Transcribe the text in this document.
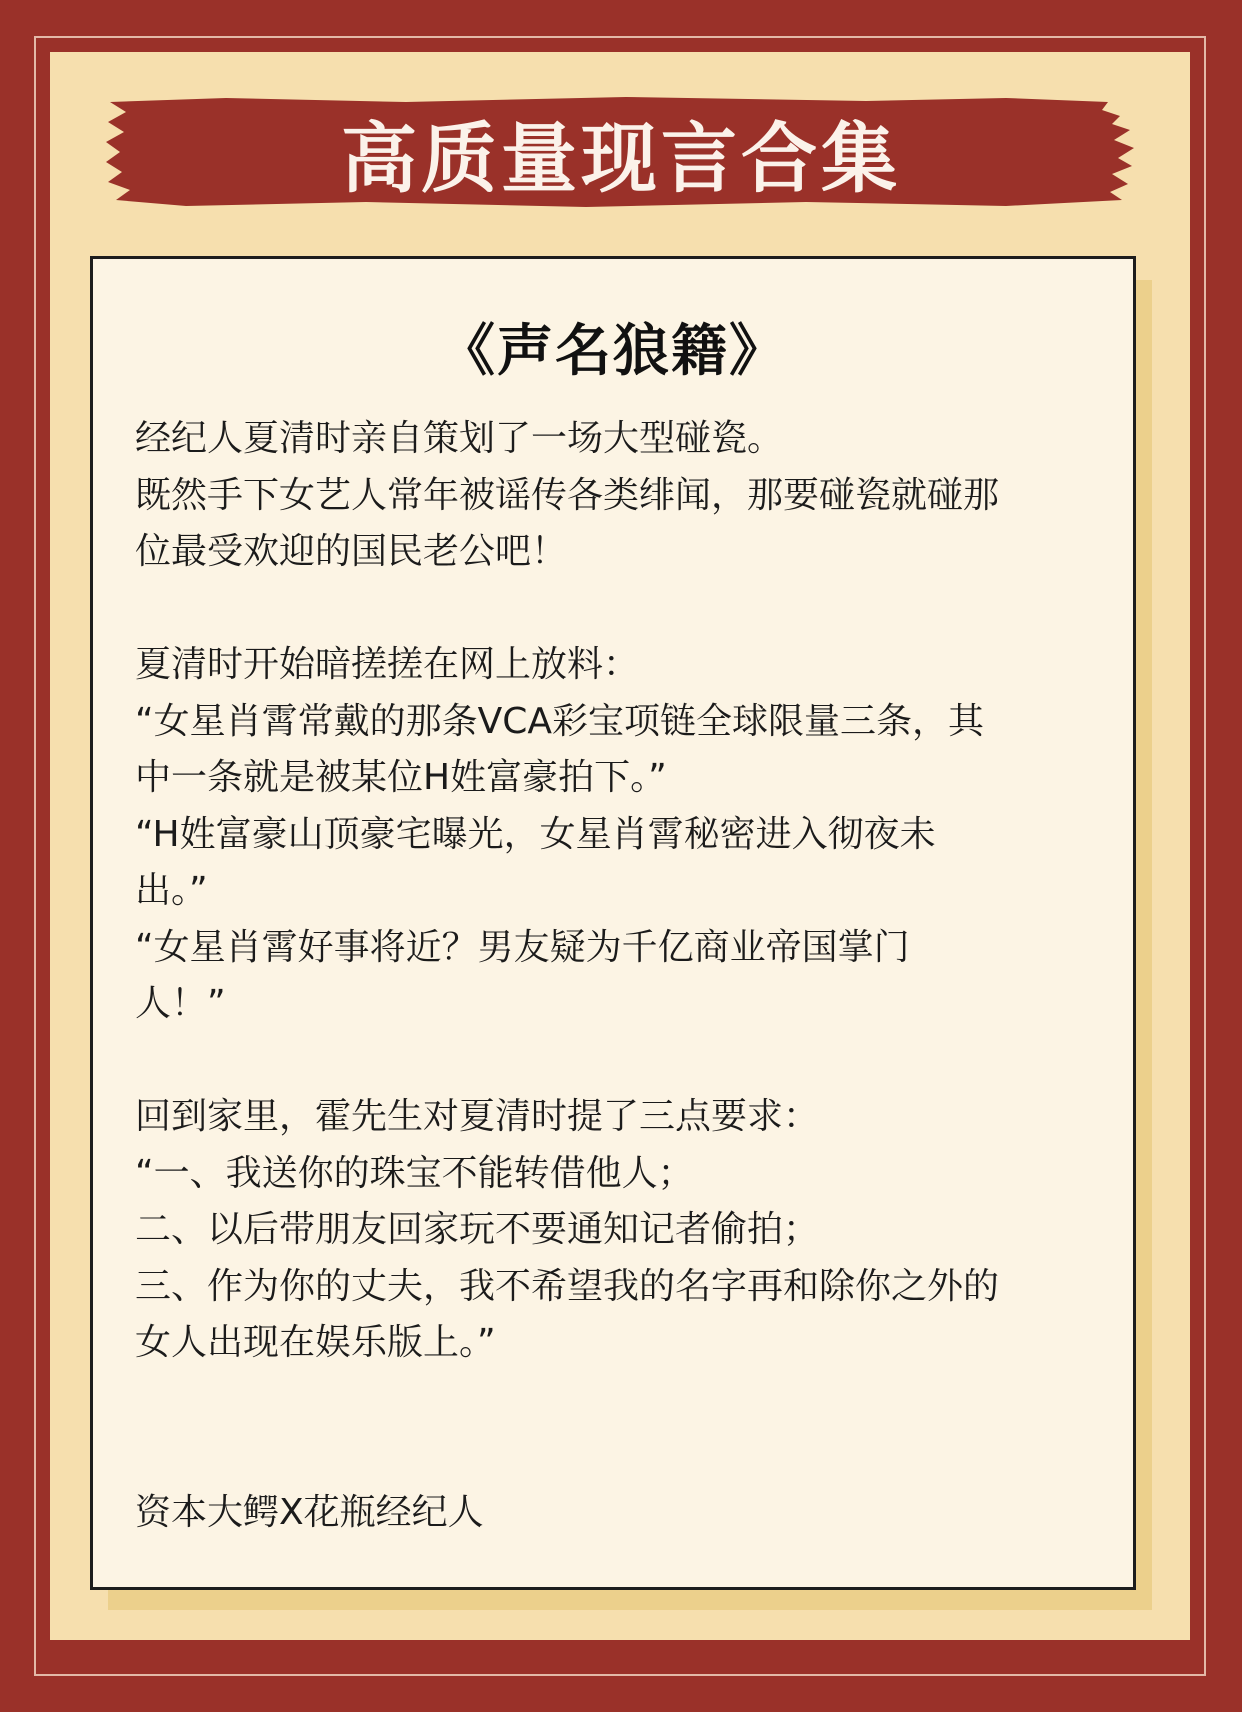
高质量现言合集
《声名狼籍》
经纪人夏清时亲自策划了一场大型碰瓷。
既然手下女艺人常年被谣传各类绯闻，那要碰瓷就碰那
位最受欢迎的国民老公吧！
夏清时开始暗搓搓在网上放料：
“女星肖霄常戴的那条VCA彩宝项链全球限量三条，其
中一条就是被某位H姓富豪拍下。”
“H姓富豪山顶豪宅曝光，女星肖霄秘密进入彻夜未
出。”
“女星肖霄好事将近？男友疑为千亿商业帝国掌门
人！”
回到家里，霍先生对夏清时提了三点要求：
“一、我送你的珠宝不能转借他人；
二、以后带朋友回家玩不要通知记者偷拍；
三、作为你的丈夫，我不希望我的名字再和除你之外的
女人出现在娱乐版上。”
资本大鳄X花瓶经纪人
